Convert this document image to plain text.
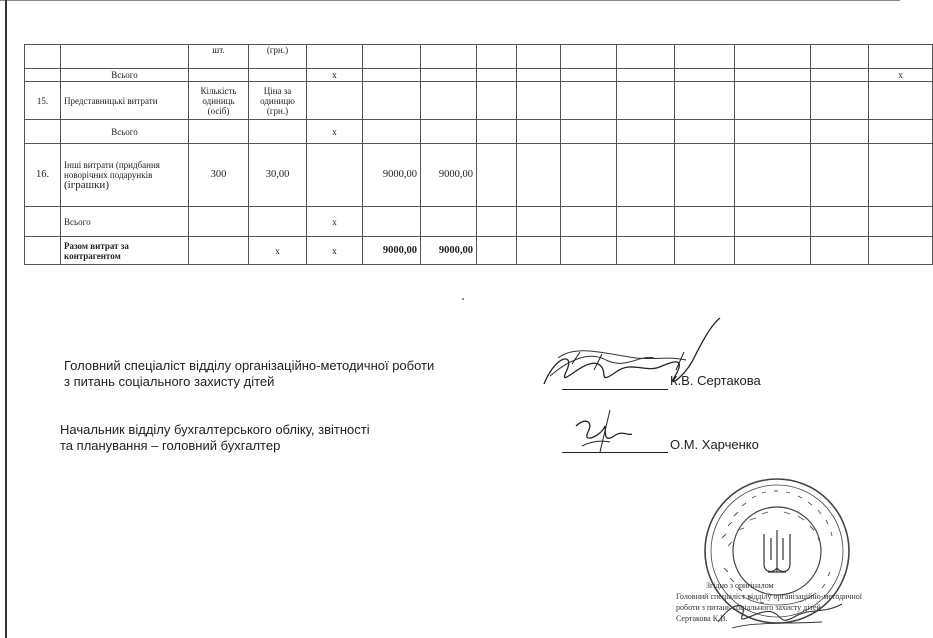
		шт.	(грн.)											
	Всього			х										х
15.	Представницькі витрати	Кількість одиниць (осіб)	Ціна за одиницю (грн.)											
	Всього			х										
16.	Інші витрати (придбання
новорічних подарунків
(іграшки)	300	30,00		9000,00	9000,00								
	Всього			х										
	Разом витрат за контрагентом		х	х	9000,00	9000,00								
Головний спеціаліст відділу організаційно-методичної роботи
з питань соціального захисту дітей	К.В. Сертакова
Начальник відділу бухгалтерського обліку, звітності
та планування – головний бухгалтер	О.М. Харченко
Згідно з оригіналом
Головний спеціаліст відділу організаційно-методичної
роботи з питань соціального захисту дітей
Сертакова К.В.
